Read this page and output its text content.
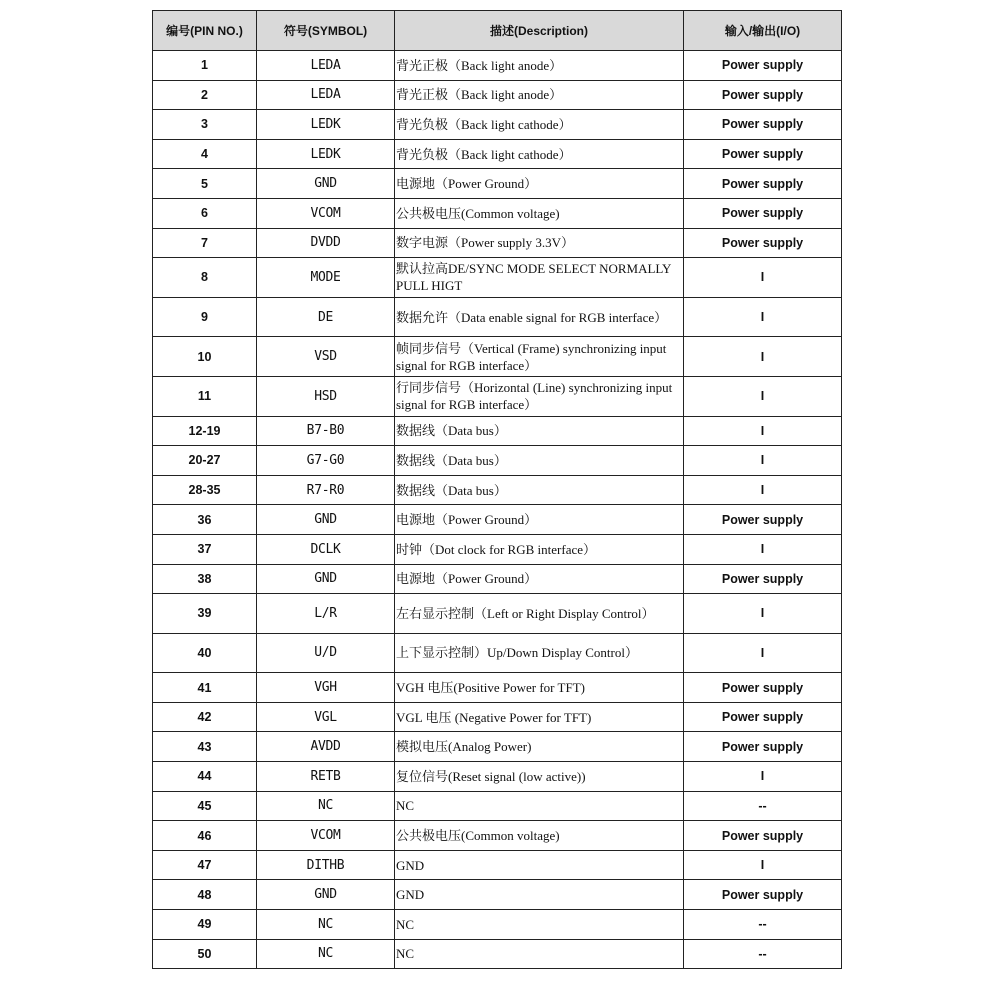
编号(PIN NO.)	符号(SYMBOL)	描述(Description)	输入/输出(I/O)
1	LEDA	背光正极（Back light anode）	Power supply
2	LEDA	背光正极（Back light anode）	Power supply
3	LEDK	背光负极（Back light cathode）	Power supply
4	LEDK	背光负极（Back light cathode）	Power supply
5	GND	电源地（Power Ground）	Power supply
6	VCOM	公共极电压(Common voltage)	Power supply
7	DVDD	数字电源（Power supply 3.3V）	Power supply
8	MODE	默认拉高DE/SYNC MODE SELECT NORMALLY PULL HIGT	I
9	DE	数据允许（Data enable signal for RGB interface）	I
10	VSD	帧同步信号（Vertical (Frame) synchronizing input signal for RGB interface）	I
11	HSD	行同步信号（Horizontal (Line) synchronizing input signal for RGB interface）	I
12-19	B7-B0	数据线（Data bus）	I
20-27	G7-G0	数据线（Data bus）	I
28-35	R7-R0	数据线（Data bus）	I
36	GND	电源地（Power Ground）	Power supply
37	DCLK	时钟（Dot clock for RGB interface）	I
38	GND	电源地（Power Ground）	Power supply
39	L/R	左右显示控制（Left or Right Display Control）	I
40	U/D	上下显示控制）Up/Down Display Control）	I
41	VGH	VGH 电压(Positive Power for TFT)	Power supply
42	VGL	VGL 电压 (Negative Power for TFT)	Power supply
43	AVDD	模拟电压(Analog Power)	Power supply
44	RETB	复位信号(Reset signal (low active))	I
45	NC	NC	--
46	VCOM	公共极电压(Common voltage)	Power supply
47	DITHB	GND	I
48	GND	GND	Power supply
49	NC	NC	--
50	NC	NC	--
